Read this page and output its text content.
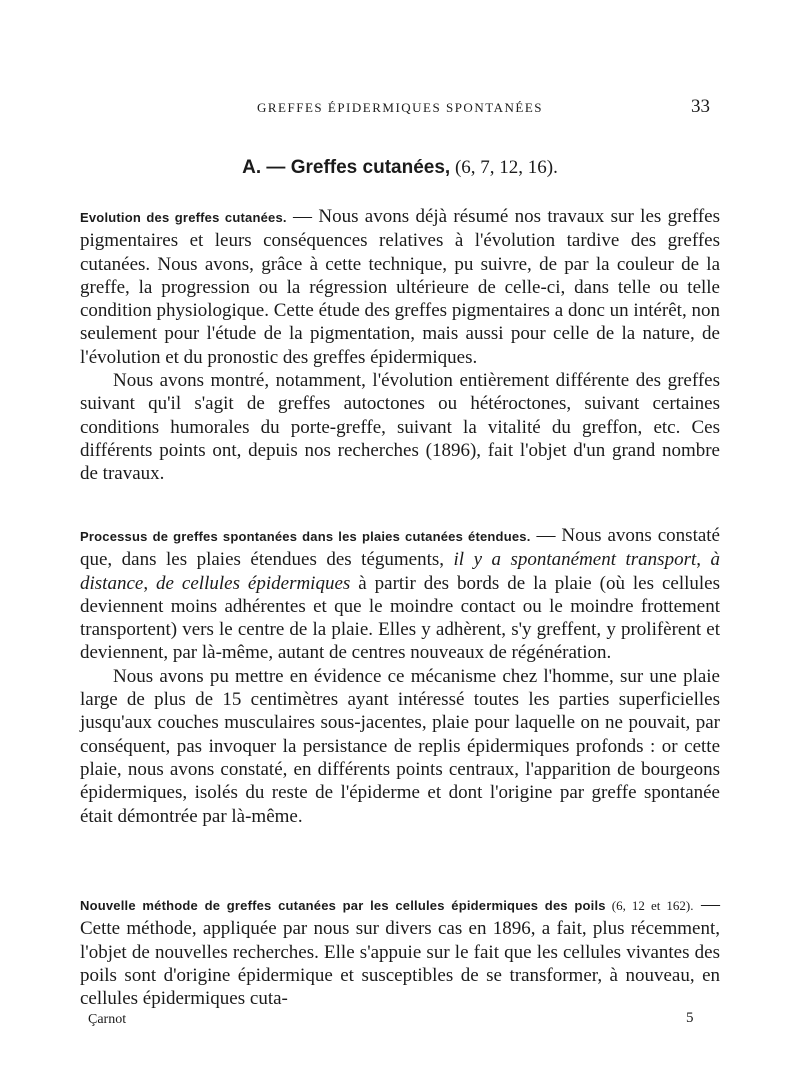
GREFFES ÉPIDERMIQUES SPONTANÉES	33
A. — Greffes cutanées, (6, 7, 12, 16).

Evolution des greffes cutanées. — Nous avons déjà résumé nos travaux sur les greffes pigmentaires et leurs conséquences relatives à l'évolution tardive des greffes cutanées. Nous avons, grâce à cette technique, pu suivre, de par la couleur de la greffe, la progression ou la régression ultérieure de celle-ci, dans telle ou telle condition physiologique. Cette étude des greffes pigmentaires a donc un intérêt, non seulement pour l'étude de la pigmentation, mais aussi pour celle de la nature, de l'évolution et du pronostic des greffes épidermiques.

Nous avons montré, notamment, l'évolution entièrement différente des greffes suivant qu'il s'agit de greffes autoctones ou hétéroctones, suivant certaines conditions humorales du porte-greffe, suivant la vitalité du greffon, etc. Ces différents points ont, depuis nos recherches (1896), fait l'objet d'un grand nombre de travaux.

Processus de greffes spontanées dans les plaies cutanées étendues. — Nous avons constaté que, dans les plaies étendues des téguments, il y a spontanément transport, à distance, de cellules épidermiques à partir des bords de la plaie (où les cellules deviennent moins adhérentes et que le moindre contact ou le moindre frottement transportent) vers le centre de la plaie. Elles y adhèrent, s'y greffent, y prolifèrent et deviennent, par là-même, autant de centres nouveaux de régénération.

Nous avons pu mettre en évidence ce mécanisme chez l'homme, sur une plaie large de plus de 15 centimètres ayant intéressé toutes les parties superficielles jusqu'aux couches musculaires sous-jacentes, plaie pour laquelle on ne pouvait, par conséquent, pas invoquer la persistance de replis épidermiques profonds : or cette plaie, nous avons constaté, en différents points centraux, l'apparition de bourgeons épidermiques, isolés du reste de l'épiderme et dont l'origine par greffe spontanée était démontrée par là-même.

Nouvelle méthode de greffes cutanées par les cellules épidermiques des poils (6, 12 et 162). — Cette méthode, appliquée par nous sur divers cas en 1896, a fait, plus récemment, l'objet de nouvelles recherches. Elle s'appuie sur le fait que les cellules vivantes des poils sont d'origine épidermique et susceptibles de se transformer, à nouveau, en cellules épidermiques cuta-

Çarnot	5
